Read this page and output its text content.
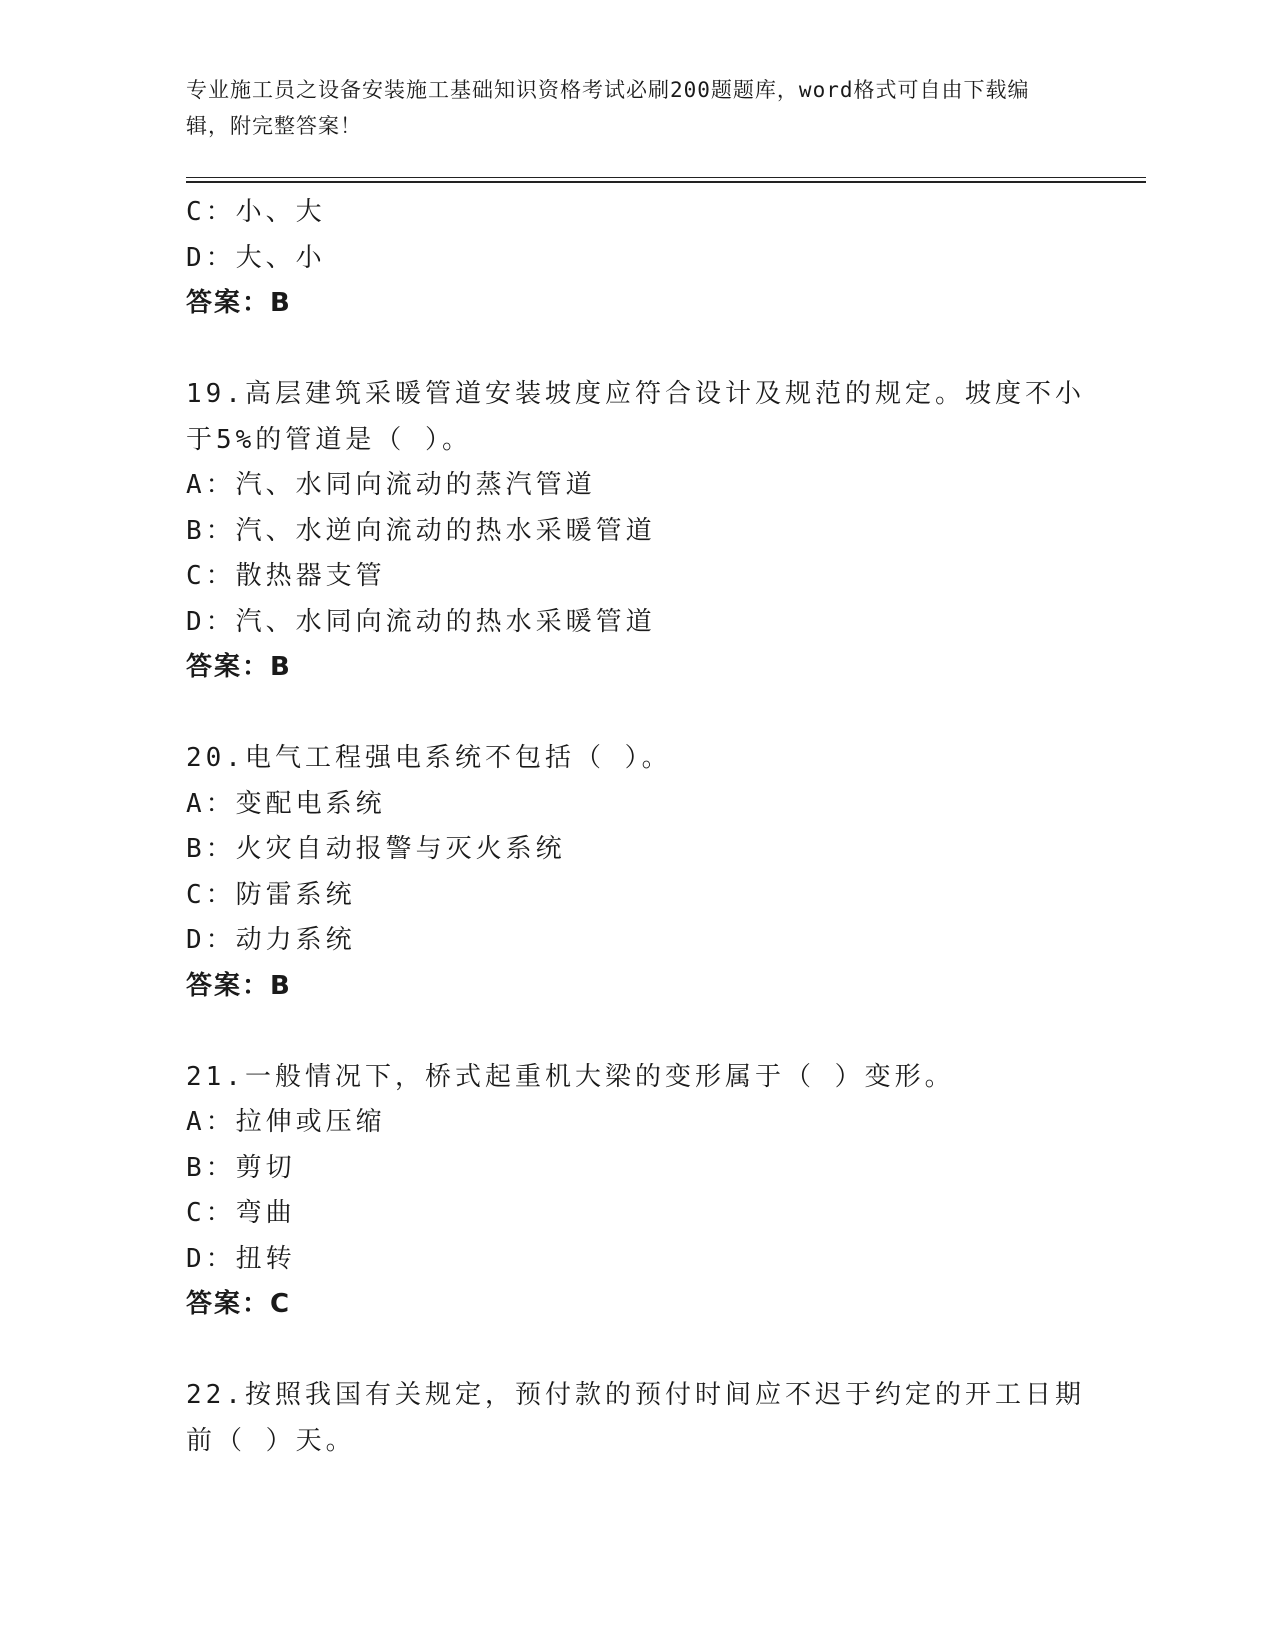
专业施工员之设备安装施工基础知识资格考试必刷200题题库，word格式可自由下载编辑，附完整答案！
C：小、大
D：大、小
答案：B
19.高层建筑采暖管道安装坡度应符合设计及规范的规定。坡度不小于5%的管道是（ ）。
A：汽、水同向流动的蒸汽管道
B：汽、水逆向流动的热水采暖管道
C：散热器支管
D：汽、水同向流动的热水采暖管道
答案：B
20.电气工程强电系统不包括（ ）。
A：变配电系统
B：火灾自动报警与灭火系统
C：防雷系统
D：动力系统
答案：B
21.一般情况下，桥式起重机大梁的变形属于（ ）变形。
A：拉伸或压缩
B：剪切
C：弯曲
D：扭转
答案：C
22.按照我国有关规定，预付款的预付时间应不迟于约定的开工日期前（ ）天。
